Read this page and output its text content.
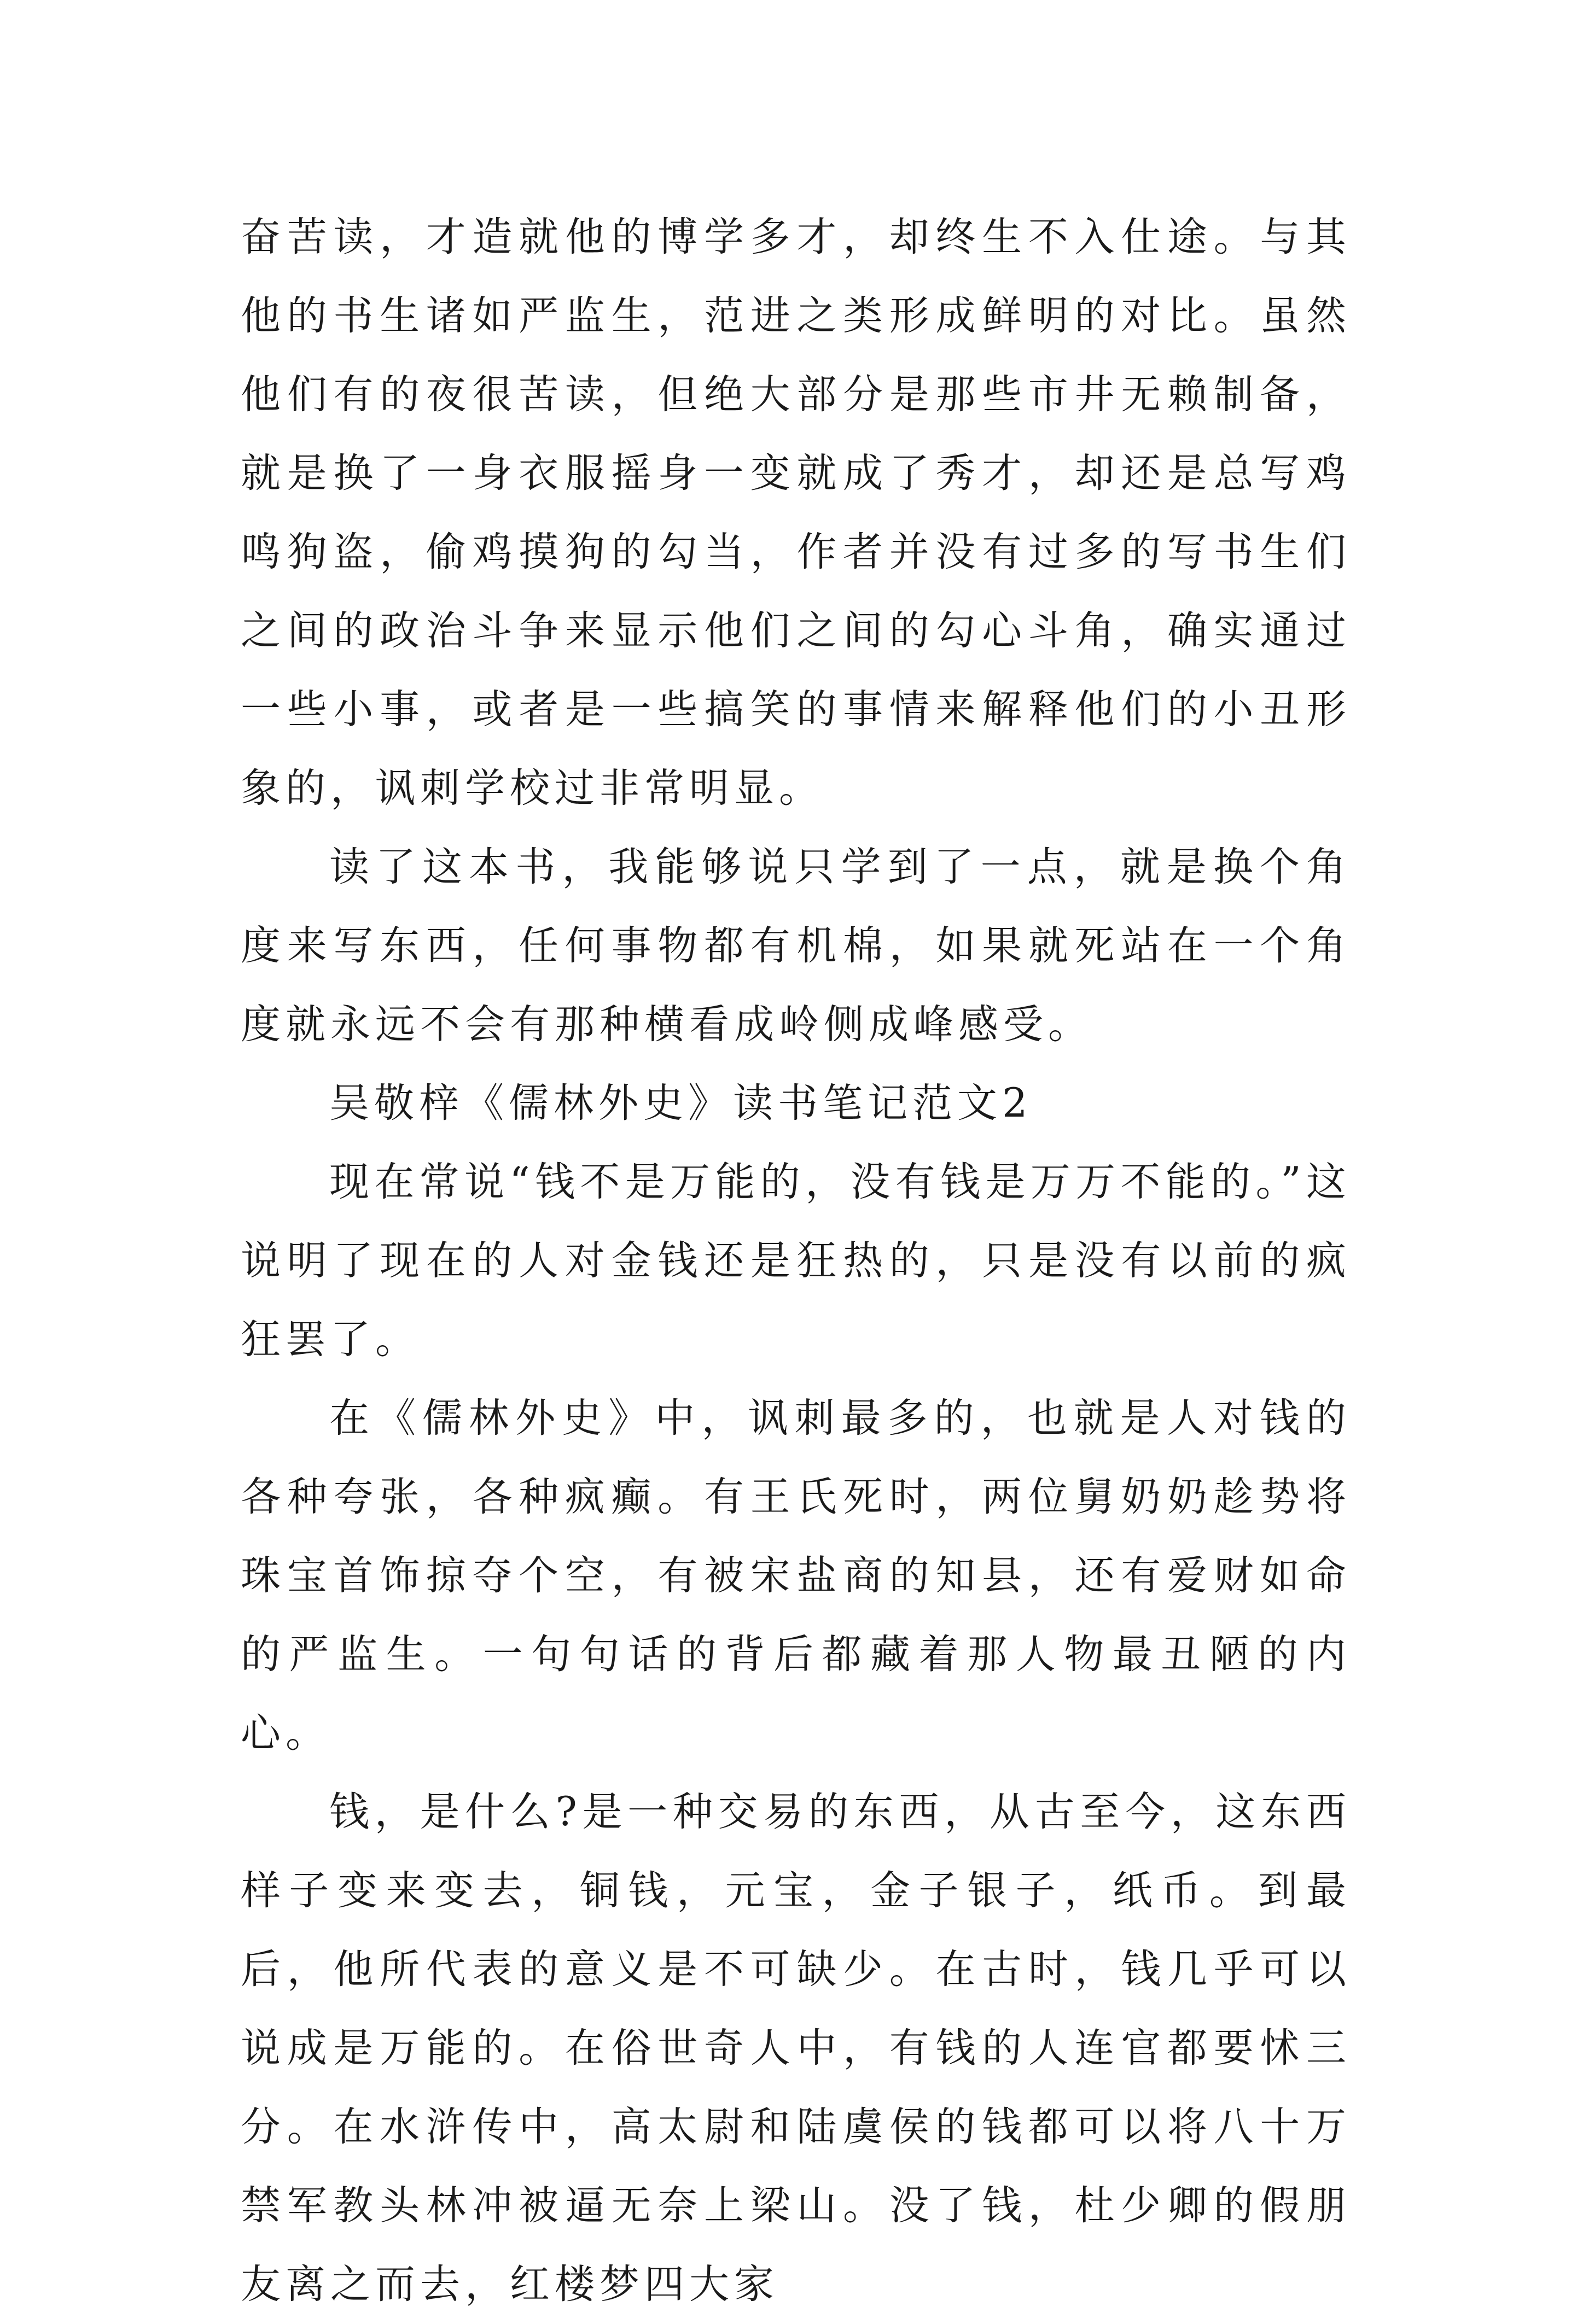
奋苦读，才造就他的博学多才，却终生不入仕途。与其他的书生诸如严监生，范进之类形成鲜明的对比。虽然他们有的夜很苦读，但绝大部分是那些市井无赖制备，就是换了一身衣服摇身一变就成了秀才，却还是总写鸡鸣狗盗，偷鸡摸狗的勾当，作者并没有过多的写书生们之间的政治斗争来显示他们之间的勾心斗角，确实通过一些小事，或者是一些搞笑的事情来解释他们的小丑形象的，讽刺学校过非常明显。

读了这本书，我能够说只学到了一点，就是换个角度来写东西，任何事物都有机棉，如果就死站在一个角度就永远不会有那种横看成岭侧成峰感受。

吴敬梓《儒林外史》读书笔记范文2

现在常说“钱不是万能的，没有钱是万万不能的。”这说明了现在的人对金钱还是狂热的，只是没有以前的疯狂罢了。

在《儒林外史》中，讽刺最多的，也就是人对钱的各种夸张，各种疯癫。有王氏死时，两位舅奶奶趁势将珠宝首饰掠夺个空，有被宋盐商的知县，还有爱财如命的严监生。一句句话的背后都藏着那人物最丑陋的内心。

钱，是什么?是一种交易的东西，从古至今，这东西样子变来变去，铜钱，元宝，金子银子，纸币。到最后，他所代表的意义是不可缺少。在古时，钱几乎可以说成是万能的。在俗世奇人中，有钱的人连官都要怵三分。在水浒传中，高太尉和陆虞侯的钱都可以将八十万禁军教头林冲被逼无奈上梁山。没了钱，杜少卿的假朋友离之而去，红楼梦四大家
